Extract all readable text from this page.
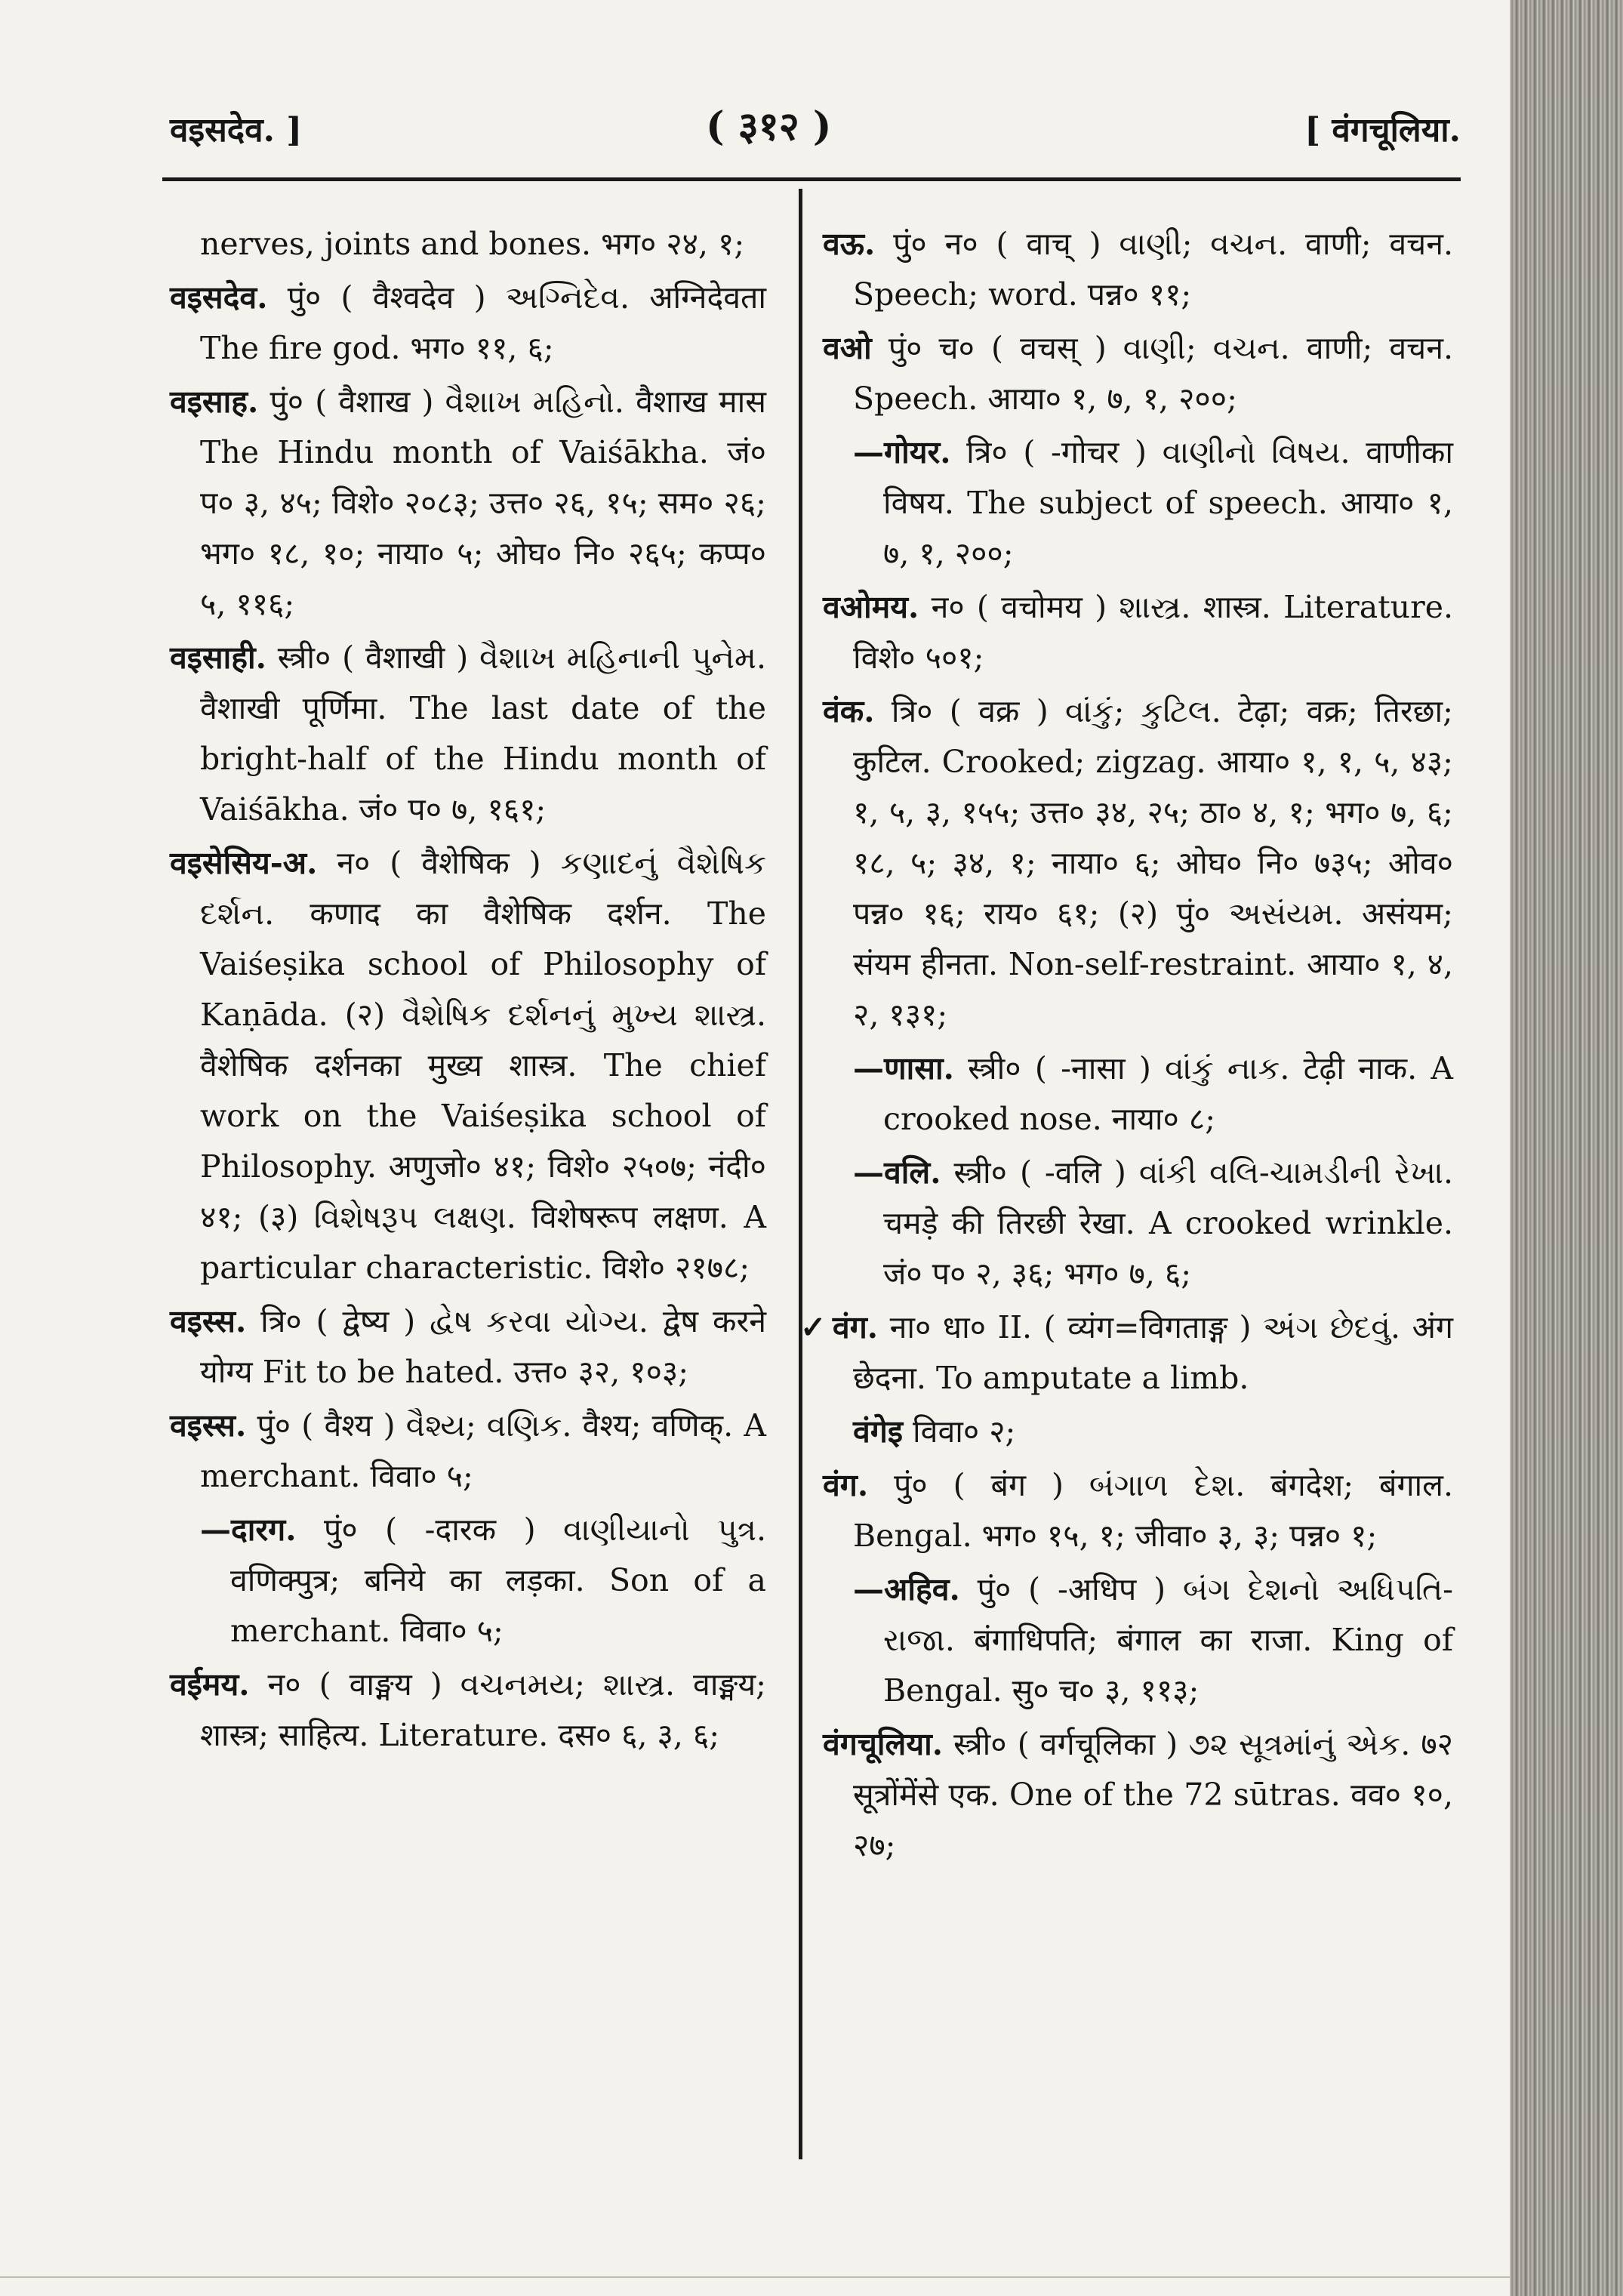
वइसदेव. ]	( ३१२ )	[ वंगचूलिया.

nerves, joints and bones. भग० २४, १;

वइसदेव. पुं० ( वैश्वदेव ) અગ્નિદેવ. अग्निदेवता The fire god. भग० ११, ६;

वइसाह. पुं० ( वैशाख ) વૈશાખ મહિનો. वैशाख मास The Hindu month of Vaiśākha. जं० प० ३, ४५; विशे० २०८३; उत्त० २६, १५; सम० २६; भग० १८, १०; नाया० ५; ओघ० नि० २६५; कप्प० ५, ११६;

वइसाही. स्त्री० ( वैशाखी ) વૈશાખ મહિનાની પુનેમ. वैशाखी पूर्णिमा. The last date of the bright-half of the Hindu month of Vaiśākha. जं० प० ७, १६१;

वइसेसिय-अ. न० ( वैशेषिक ) કણાદનું વૈશેષિક દર્શન. कणाद का वैशेषिक दर्शन. The Vaiśeṣika school of Philosophy of Kaṇāda. (२) વૈશેષિક દર્શનનું મુખ્ય શાસ્ત્ર. वैशेषिक दर्शनका मुख्य शास्त्र. The chief work on the Vaiśeṣika school of Philosophy. अणुजो० ४१; विशे० २५०७; नंदी० ४१; (३) વિશેષરૂપ લક્ષણ. विशेषरूप लक्षण. A particular characteristic. विशे० २१७८;

वइस्स. त्रि० ( द्वेष्य ) દ્વેષ કરવા યોગ્ય. द्वेष करने योग्य Fit to be hated. उत्त० ३२, १०३;

वइस्स. पुं० ( वैश्य ) વૈશ્ય; વણિક. वैश्य; वणिक्. A merchant. विवा० ५;

—दारग. पुं० ( -दारक ) વાણીયાનો પુત્ર. वणिक्पुत्र; बनिये का लड़का. Son of a merchant. विवा० ५;

वईमय. न० ( वाङ्मय ) વચનમય; શાસ્ત્ર. वाङ्मय; शास्त्र; साहित्य. Literature. दस० ६, ३, ६;

वऊ. पुं० न० ( वाच् ) વાણી; વચન. वाणी; वचन. Speech; word. पन्न० ११;

वओ पुं० च० ( वचस् ) વાણી; વચન. वाणी; वचन. Speech. आया० १, ७, १, २००;

—गोयर. त्रि० ( -गोचर ) વાણીનો વિષય. वाणीका विषय. The subject of speech. आया० १, ७, १, २००;

वओमय. न० ( वचोमय ) શાસ્ત્ર. शास्त्र. Literature. विशे० ५०१;

वंक. त्रि० ( वक्र ) વાંકું; કુટિલ. टेढ़ा; वक्र; तिरछा; कुटिल. Crooked; zigzag. आया० १, १, ५, ४३; १, ५, ३, १५५; उत्त० ३४, २५; ठा० ४, १; भग० ७, ६; १८, ५; ३४, १; नाया० ६; ओघ० नि० ७३५; ओव० पन्न० १६; राय० ६१; (२) पुं० અસંયમ. असंयम; संयम हीनता. Non-self-restraint. आया० १, ४, २, १३१;

—णासा. स्त्री० ( -नासा ) વાંકું નાક. टेढ़ी नाक. A crooked nose. नाया० ८;

—वलि. स्त्री० ( -वलि ) વાંકી વલિ-ચામડીની રેખા. चमड़े की तिरछी रेखा. A crooked wrinkle. जं० प० २, ३६; भग० ७, ६;

✓ वंग. ना० धा० II. ( व्यंग=विगताङ्ग ) અંગ છેદવું. अंग छेदना. To amputate a limb.

वंगेइ विवा० २;

वंग. पुं० ( बंग ) બંગાળ દેશ. बंगदेश; बंगाल. Bengal. भग० १५, १; जीवा० ३, ३; पन्न० १;

—अहिव. पुं० ( -अधिप ) બંગ દેશનો અધિપતિ-રાજા. बंगाधिपति; बंगाल का राजा. King of Bengal. सु० च० ३, ११३;

वंगचूलिया. स्त्री० ( वर्गचूलिका ) ૭૨ સૂત્રમાંનું એક. ७२ सूत्रोंमेंसे एक. One of the 72 sūtras. वव० १०, २७;
